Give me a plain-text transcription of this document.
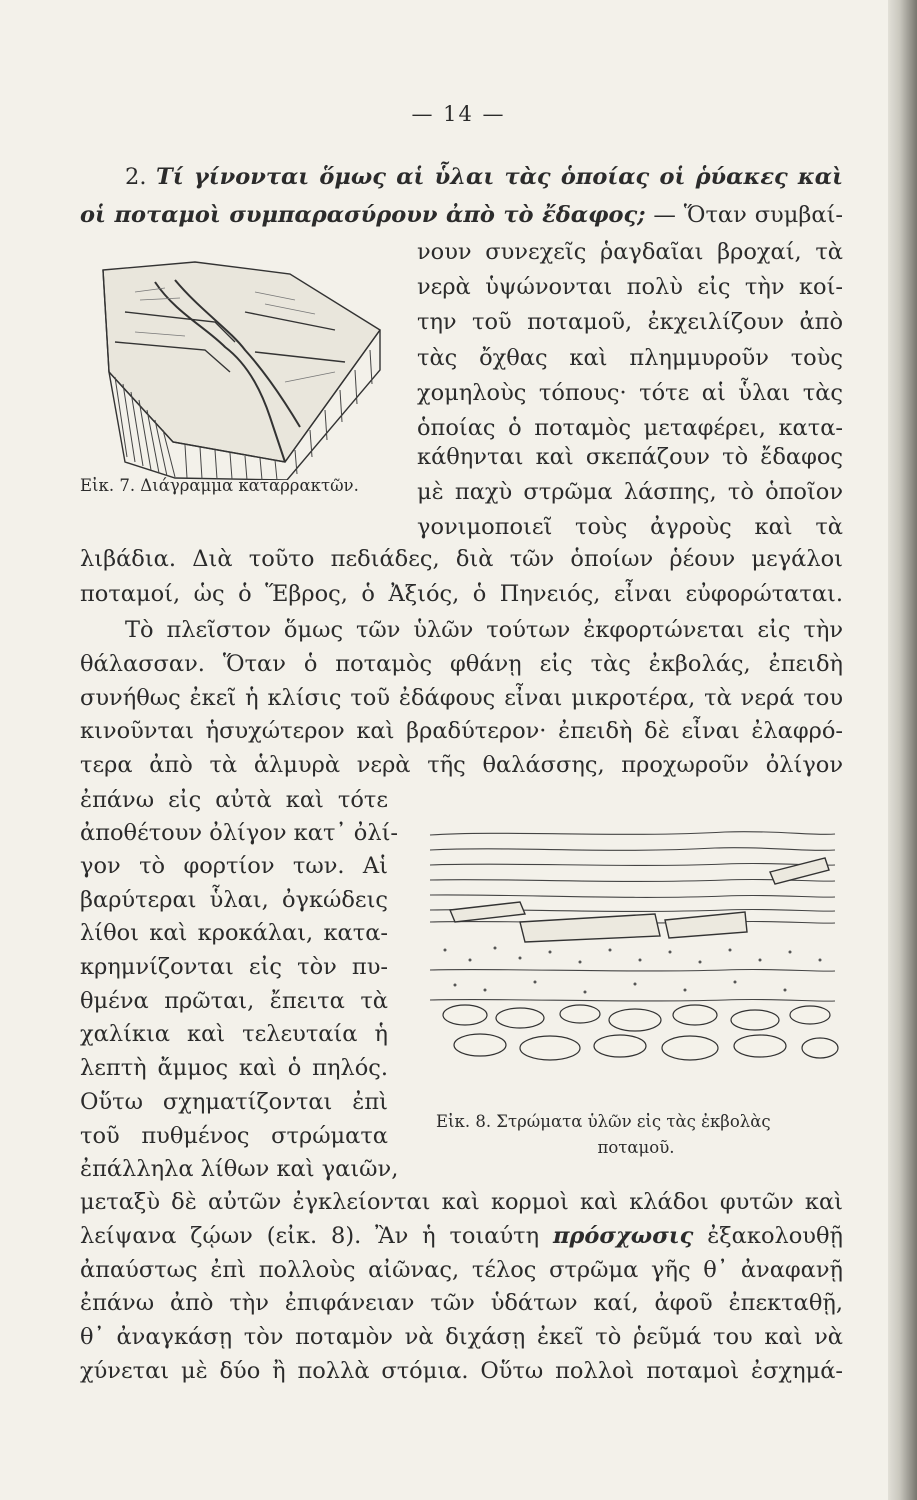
— 14 —
2. Τί γίνονται ὅμως αἱ ὗλαι τὰς ὁποίας οἱ ῥύακες καὶ
οἱ ποταμοὶ συμπαρασύρουν ἀπὸ τὸ ἔδαφος; — Ὅταν συμβαί-
Εἰκ. 7. Διάγραμμα καταρρακτῶν.
νουν συνεχεῖς ῥαγδαῖαι βροχαί, τὰ
νερὰ ὑψώνονται πολὺ εἰς τὴν κοί-
την τοῦ ποταμοῦ, ἐκχειλίζουν ἀπὸ
τὰς ὄχθας καὶ πλημμυροῦν τοὺς
χομηλοὺς τόπους· τότε αἱ ὗλαι τὰς
ὁποίας ὁ ποταμὸς μεταφέρει, κατα-
κάθηνται καὶ σκεπάζουν τὸ ἔδαφος
μὲ παχὺ στρῶμα λάσπης, τὸ ὁποῖον
γονιμοποιεῖ τοὺς ἀγροὺς καὶ τὰ
λιβάδια. Διὰ τοῦτο πεδιάδες, διὰ τῶν ὁποίων ῥέουν μεγάλοι
ποταμοί, ὡς ὁ Ἕβρος, ὁ Ἀξιός, ὁ Πηνειός, εἶναι εὐφορώταται.
Τὸ πλεῖστον ὅμως τῶν ὑλῶν τούτων ἐκφορτώνεται εἰς τὴν
θάλασσαν. Ὅταν ὁ ποταμὸς φθάνῃ εἰς τὰς ἐκβολάς, ἐπειδὴ
συνήθως ἐκεῖ ἡ κλίσις τοῦ ἐδάφους εἶναι μικροτέρα, τὰ νερά του
κινοῦνται ἡσυχώτερον καὶ βραδύτερον· ἐπειδὴ δὲ εἶναι ἐλαφρό-
τερα ἀπὸ τὰ ἁλμυρὰ νερὰ τῆς θαλάσσης, προχωροῦν ὀλίγον
ἐπάνω εἰς αὐτὰ καὶ τότε
ἀποθέτουν ὀλίγον κατ᾿ ὀλί-
γον τὸ φορτίον των. Αἱ
βαρύτεραι ὗλαι, ὀγκώδεις
λίθοι καὶ κροκάλαι, κατα-
κρημνίζονται εἰς τὸν πυ-
θμένα πρῶται, ἔπειτα τὰ
χαλίκια καὶ τελευταία ἡ
λεπτὴ ἄμμος καὶ ὁ πηλός.
Οὕτω σχηματίζονται ἐπὶ
τοῦ πυθμένος στρώματα
ἐπάλληλα λίθων καὶ γαιῶν,
Εἰκ. 8. Στρώματα ὑλῶν εἰς τὰς ἐκβολὰς
ποταμοῦ.
μεταξὺ δὲ αὐτῶν ἐγκλείονται καὶ κορμοὶ καὶ κλάδοι φυτῶν καὶ
λείψανα ζῴων (εἰκ. 8). Ἂν ἡ τοιαύτη πρόσχωσις ἐξακολουθῇ
ἀπαύστως ἐπὶ πολλοὺς αἰῶνας, τέλος στρῶμα γῆς θ᾿ ἀναφανῇ
ἐπάνω ἀπὸ τὴν ἐπιφάνειαν τῶν ὑδάτων καί, ἀφοῦ ἐπεκταθῇ,
θ᾿ ἀναγκάσῃ τὸν ποταμὸν νὰ διχάσῃ ἐκεῖ τὸ ῥεῦμά του καὶ νὰ
χύνεται μὲ δύο ἢ πολλὰ στόμια. Οὕτω πολλοὶ ποταμοὶ ἐσχημά-
